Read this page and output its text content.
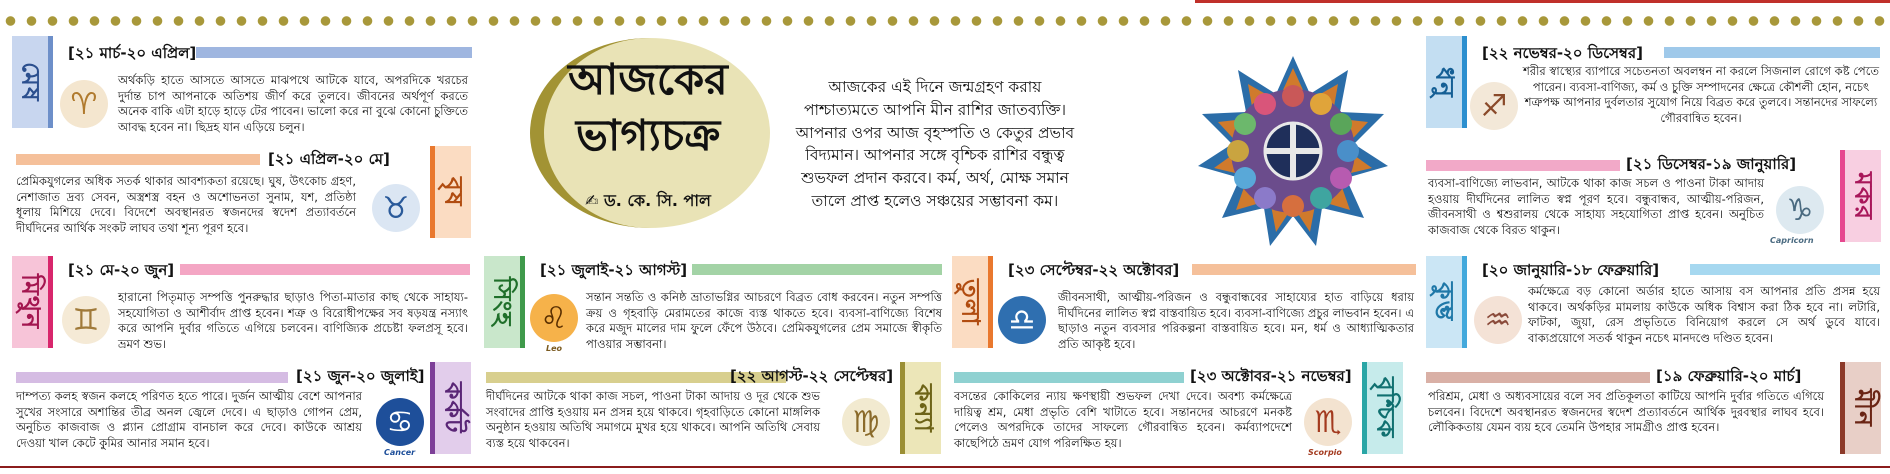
আজকের ভাগ্যচক্র
✍ ড. কে. সি. পাল
আজকের এই দিনে জন্মগ্রহণ করায় পাশ্চাত্যমতে আপনি মীন রাশির জাতব্যক্তি। আপনার ওপর আজ বৃহস্পতি ও কেতুর প্রভাব বিদ্যমান। আপনার সঙ্গে বৃশ্চিক রাশির বন্ধুত্ব শুভফল প্রদান করবে। কর্ম, অর্থ, মোক্ষ সমান তালে প্রাপ্ত হলেও সঞ্চয়ের সম্ভাবনা কম।
মেষ
[২১ মার্চ-২০ এপ্রিল]
♈
অর্থকড়ি হাতে আসতে আসতে মাঝপথে আটকে যাবে, অপরদিকে খরচের দুর্দান্ত চাপ আপনাকে অতিশয় জীর্ণ করে তুলবে। জীবনের অর্থপূর্ণ করতে অনেক বাকি এটা হাড়ে হাড়ে টের পাবেন। ভালো করে না বুঝে কোনো চুক্তিতে আবদ্ধ হবেন না। ছিদ্রহ যান এড়িয়ে চলুন।
[২১ এপ্রিল-২০ মে]
বৃষ
প্রেমিকযুগলের অধিক সতর্ক থাকার আবশ্যকতা রয়েছে। ঘুষ, উৎকোচ গ্রহণ, নেশাজাত দ্রব্য সেবন, অস্ত্রশস্ত্র বহন ও অশোভনতা সুনাম, যশ, প্রতিষ্ঠা ধূলায় মিশিয়ে দেবে। বিদেশে অবস্থানরত স্বজনদের স্বদেশ প্রত্যাবর্তনে দীর্ঘদিনের আর্থিক সংকট লাঘব তথা শূন্য পূরণ হবে।
♉
মিথুন
[২১ মে-২০ জুন]
♊
হারানো পিতৃমাতৃ সম্পত্তি পুনরুদ্ধার ছাড়াও পিতা-মাতার কাছ থেকে সাহায্য-সহযোগিতা ও আশীর্বাদ প্রাপ্ত হবেন। শত্রু ও বিরোধীপক্ষের সব ষড়যন্ত্র নস্যাৎ করে আপনি দুর্বার গতিতে এগিয়ে চলবেন। বাণিজ্যিক প্রচেষ্টা ফলপ্রসূ হবে। ভ্রমণ শুভ।
[২১ জুন-২০ জুলাই]
কর্কট
দাম্পত্য কলহ স্বজন কলহে পরিণত হতে পারে। দুর্জন আত্মীয় বেশে আপনার সুখের সংসারে অশান্তির তীব্র অনল জ্বেলে দেবে। এ ছাড়াও গোপন প্রেম, অনুচিত কাজবাজ ও প্ল্যান প্রোগ্রাম বানচাল করে দেবে। কাউকে আশ্রয় দেওয়া খাল কেটে কুমির আনার সমান হবে।
♋
Cancer
সিংহ
[২১ জুলাই-২১ আগস্ট]
♌
Leo
সন্তান সন্ততি ও কনিষ্ঠ ভ্রাতাভগ্নির আচরণে বিব্রত বোধ করবেন। নতুন সম্পত্তি ক্রয় ও গৃহবাড়ি মেরামতের কাজে ব্যস্ত থাকতে হবে। ব্যবসা-বাণিজ্যে বিশেষ করে মজুদ মালের দাম ফুলে ফেঁপে উঠবে। প্রেমিকযুগলের প্রেম সমাজে স্বীকৃতি পাওয়ার সম্ভাবনা।
[২২ আগস্ট-২২ সেপ্টেম্বর]
কন্যা
দীর্ঘদিনের আটকে থাকা কাজ সচল, পাওনা টাকা আদায় ও দূর থেকে শুভ সংবাদের প্রাপ্তি হওয়ায় মন প্রসন্ন হয়ে থাকবে। গৃহবাড়িতে কোনো মাঙ্গলিক অনুষ্ঠান হওয়ায় অতিথি সমাগমে মুখর হয়ে থাকবে। আপনি অতিথি সেবায় ব্যস্ত হয়ে থাকবেন।
♍
তুলা
[২৩ সেপ্টেম্বর-২২ অক্টোবর]
♎
জীবনসাথী, আত্মীয়-পরিজন ও বন্ধুবান্ধবের সাহায্যের হাত বাড়িয়ে ধরায় দীর্ঘদিনের লালিত স্বপ্ন বাস্তবায়িত হবে। ব্যবসা-বাণিজ্যে প্রচুর লাভবান হবেন। এ ছাড়াও নতুন ব্যবসার পরিকল্পনা বাস্তবায়িত হবে। মন, ধর্ম ও আধ্যাত্মিকতার প্রতি আকৃষ্ট হবে।
[২৩ অক্টোবর-২১ নভেম্বর]
বৃশ্চিক
বসন্তের কোকিলের ন্যায় ক্ষণস্থায়ী শুভফল দেখা দেবে। অবশ্য কর্মক্ষেত্রে দায়িত্ব শ্রম, মেধা প্রভৃতি বেশি খাটাতে হবে। সন্তানদের আচরণে মনকষ্ট পেলেও অপরদিকে তাদের সাফল্যে গৌরবান্বিত হবেন। কর্মব্যাপদেশে কাছেপিঠে ভ্রমণ যোগ পরিলক্ষিত হয়।
♏
Scorpio
ধনু
[২২ নভেম্বর-২০ ডিসেম্বর]
♐
শরীর স্বাস্থ্যের ব্যাপারে সচেতনতা অবলম্বন না করলে সিজনাল রোগে কষ্ট পেতে পারেন। ব্যবসা-বাণিজ্য, কর্ম ও চুক্তি সম্পাদনের ক্ষেত্রে কৌশলী হোন, নচেৎ শত্রুপক্ষ আপনার দুর্বলতার সুযোগ নিয়ে বিব্রত করে তুলবে। সন্তানদের সাফল্যে গৌরবান্বিত হবেন।
[২১ ডিসেম্বর-১৯ জানুয়ারি]
মকর
ব্যবসা-বাণিজ্যে লাভবান, আটকে থাকা কাজ সচল ও পাওনা টাকা আদায় হওয়ায় দীর্ঘদিনের লালিত স্বপ্ন পূরণ হবে। বন্ধুবান্ধব, আত্মীয়-পরিজন, জীবনসাথী ও শ্বশুরালয় থেকে সাহায্য সহযোগিতা প্রাপ্ত হবেন। অনুচিত কাজবাজ থেকে বিরত থাকুন।
♑
Capricorn
কুম্ভ
[২০ জানুয়ারি-১৮ ফেব্রুয়ারি]
♒
কর্মক্ষেত্রে বড় কোনো অর্ডার হাতে আসায় বস আপনার প্রতি প্রসন্ন হয়ে থাকবে। অর্থকড়ির মামলায় কাউকে অধিক বিশ্বাস করা ঠিক হবে না। লটারি, ফাটকা, জুয়া, রেস প্রভৃতিতে বিনিয়োগ করলে সে অর্থ ডুবে যাবে। বাক্যপ্রয়োগে সতর্ক থাকুন নচেৎ মানদণ্ডে দণ্ডিত হবেন।
[১৯ ফেব্রুয়ারি-২০ মার্চ]
মীন
পরিশ্রম, মেধা ও অধ্যবসায়ের বলে সব প্রতিকূলতা কাটিয়ে আপনি দুর্বার গতিতে এগিয়ে চলবেন। বিদেশে অবস্থানরত স্বজনদের স্বদেশ প্রত্যাবর্তনে আর্থিক দুরবস্থার লাঘব হবে। লৌকিকতায় যেমন ব্যয় হবে তেমনি উপহার সামগ্রীও প্রাপ্ত হবেন।
